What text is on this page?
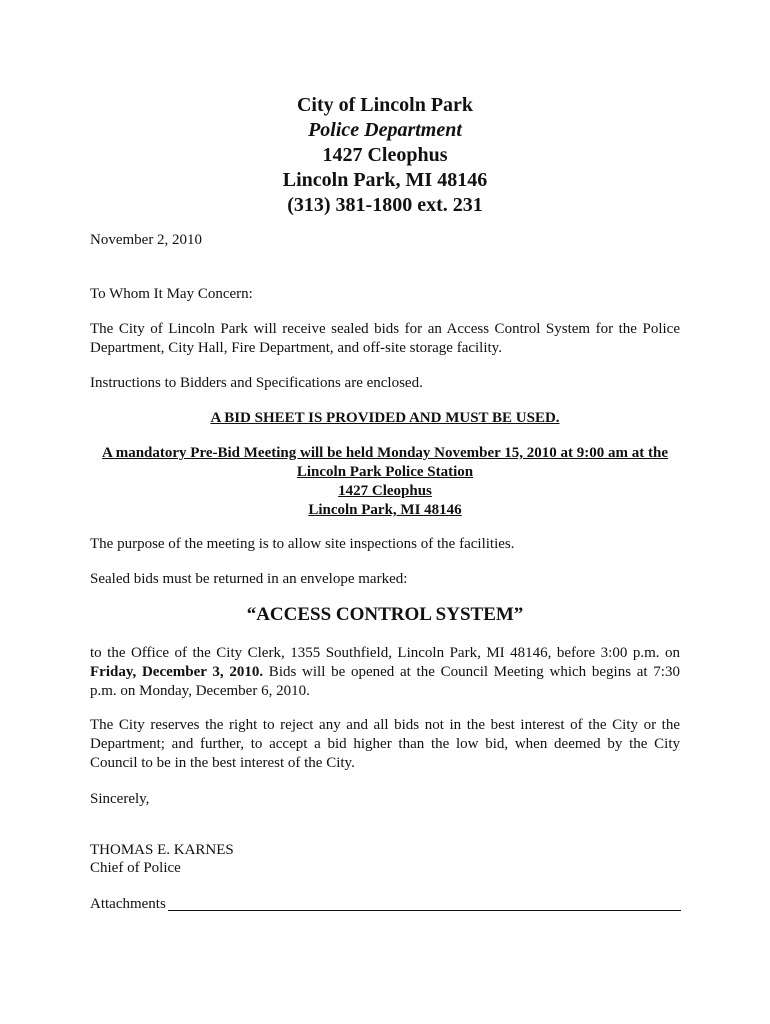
City of Lincoln Park
Police Department
1427 Cleophus
Lincoln Park, MI 48146
(313) 381-1800 ext. 231
November 2, 2010
To Whom It May Concern:
The City of Lincoln Park will receive sealed bids for an Access Control System for the Police Department, City Hall, Fire Department, and off-site storage facility.
Instructions to Bidders and Specifications are enclosed.
A BID SHEET IS PROVIDED AND MUST BE USED.
A mandatory Pre-Bid Meeting will be held Monday November 15, 2010 at 9:00 am at the
Lincoln Park Police Station
1427 Cleophus
Lincoln Park, MI 48146
The purpose of the meeting is to allow site inspections of the facilities.
Sealed bids must be returned in an envelope marked:
“ACCESS CONTROL SYSTEM”
to the Office of the City Clerk, 1355 Southfield, Lincoln Park, MI 48146, before 3:00 p.m. on Friday, December 3, 2010. Bids will be opened at the Council Meeting which begins at 7:30 p.m. on Monday, December 6, 2010.
The City reserves the right to reject any and all bids not in the best interest of the City or the Department; and further, to accept a bid higher than the low bid, when deemed by the City Council to be in the best interest of the City.
Sincerely,
THOMAS E. KARNES
Chief of Police
Attachments
